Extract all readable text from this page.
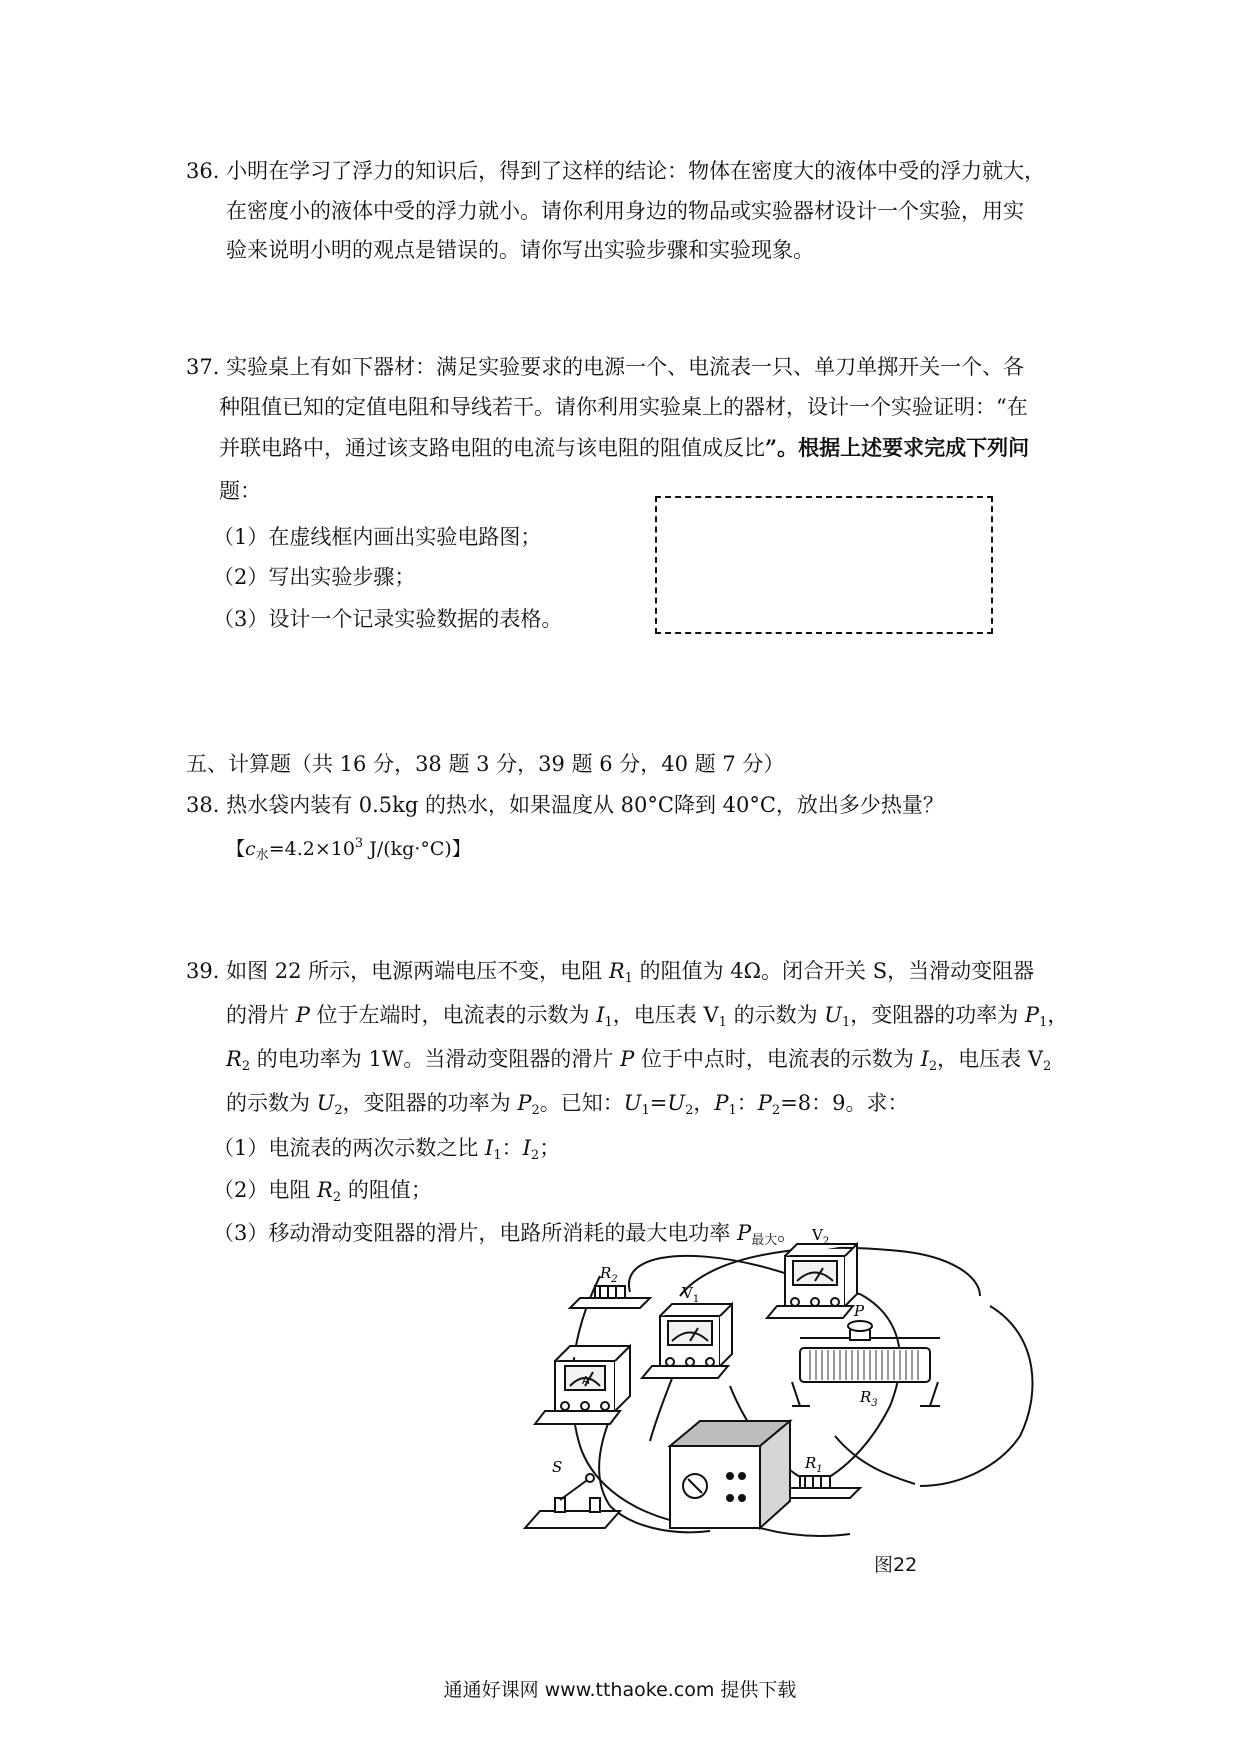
36. 小明在学习了浮力的知识后，得到了这样的结论：物体在密度大的液体中受的浮力就大，
在密度小的液体中受的浮力就小。请你利用身边的物品或实验器材设计一个实验，用实
验来说明小明的观点是错误的。请你写出实验步骤和实验现象。
37. 实验桌上有如下器材：满足实验要求的电源一个、电流表一只、单刀单掷开关一个、各
种阻值已知的定值电阻和导线若干。请你利用实验桌上的器材，设计一个实验证明：“在
并联电路中，通过该支路电阻的电流与该电阻的阻值成反比”。根据上述要求完成下列问
题：
（1）在虚线框内画出实验电路图；
（2）写出实验步骤；
（3）设计一个记录实验数据的表格。
五、计算题（共 16 分，38 题 3 分，39 题 6 分，40 题 7 分）
38. 热水袋内装有 0.5kg 的热水，如果温度从 80°C降到 40°C，放出多少热量？
【$c_水=4.2\times 10^3$ J/(kg·°C)】
39. 如图 22 所示，电源两端电压不变，电阻 $R_1$ 的阻值为 4Ω。闭合开关 S，当滑动变阻器
的滑片 P 位于左端时，电流表的示数为 $I_1$，电压表 $V_1$ 的示数为 $U_1$，变阻器的功率为 $P_1$，
$R_2$ 的电功率为 1W。当滑动变阻器的滑片 P 位于中点时，电流表的示数为 $I_2$，电压表 $V_2$
的示数为 $U_2$，变阻器的功率为 $P_2$。已知：$U_1=U_2$，$P_1$：$P_2=8$：9。求：
（1）电流表的两次示数之比 $I_1$：$I_2$；
（2）电阻 $R_2$ 的阻值；
（3）移动滑动变阻器的滑片，电路所消耗的最大电功率 $P_{最大}$。
$R_2$
A
$V_1$
$V_2$
P
$R_3$
$R_1$
S
图22
通通好课网 www.tthaoke.com 提供下载
